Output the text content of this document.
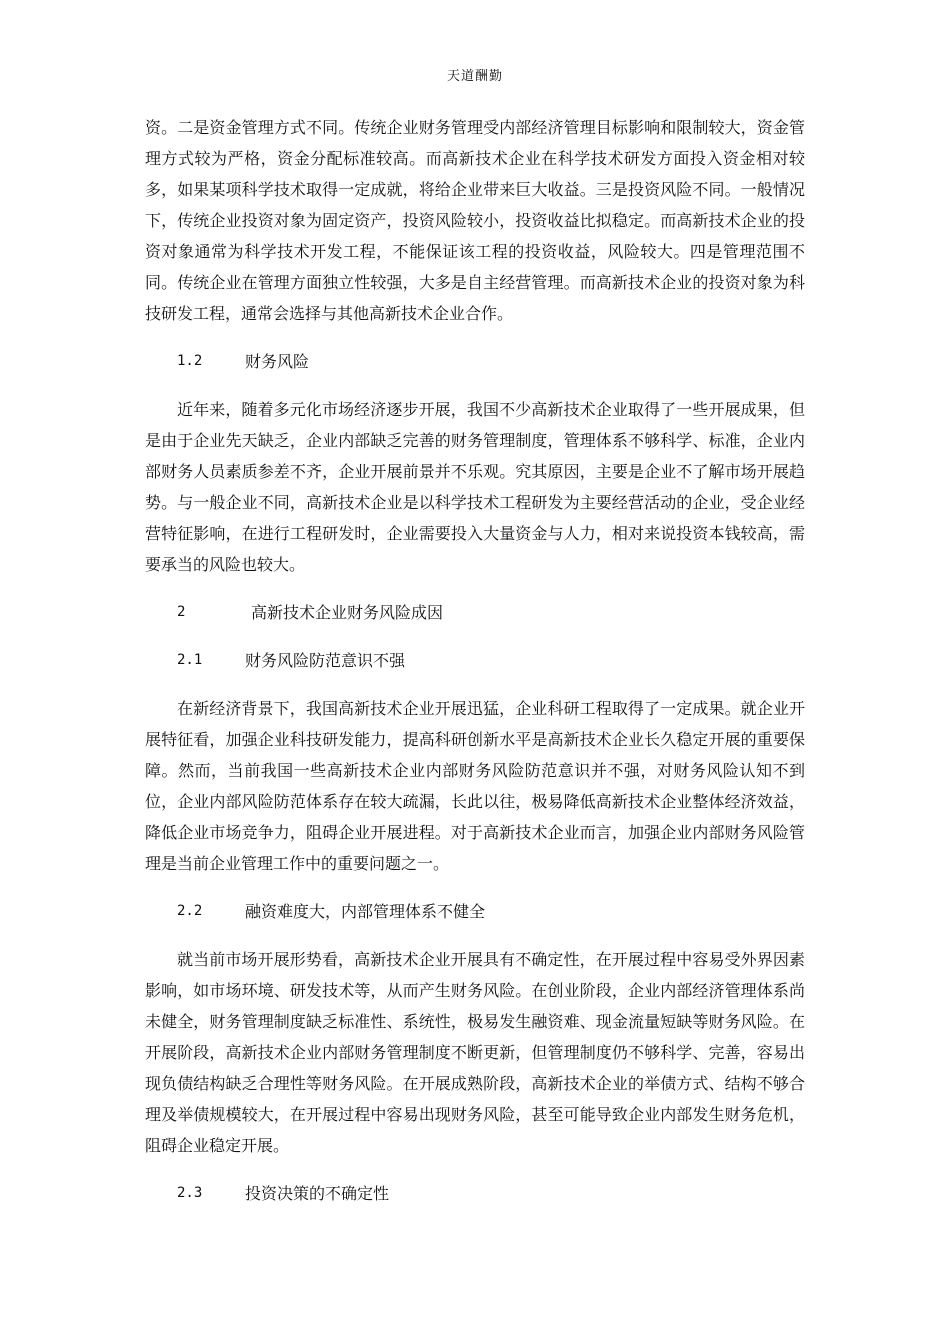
天道酬勤

资。二是资金管理方式不同。传统企业财务管理受内部经济管理目标影响和限制较大，资金管理方式较为严格，资金分配标准较高。而高新技术企业在科学技术研发方面投入资金相对较多，如果某项科学技术取得一定成就，将给企业带来巨大收益。三是投资风险不同。一般情况下，传统企业投资对象为固定资产，投资风险较小，投资收益比拟稳定。而高新技术企业的投资对象通常为科学技术开发工程，不能保证该工程的投资收益，风险较大。四是管理范围不同。传统企业在管理方面独立性较强，大多是自主经营管理。而高新技术企业的投资对象为科技研发工程，通常会选择与其他高新技术企业合作。

1.2	财务风险

近年来，随着多元化市场经济逐步开展，我国不少高新技术企业取得了一些开展成果，但是由于企业先天缺乏，企业内部缺乏完善的财务管理制度，管理体系不够科学、标准，企业内部财务人员素质参差不齐，企业开展前景并不乐观。究其原因，主要是企业不了解市场开展趋势。与一般企业不同，高新技术企业是以科学技术工程研发为主要经营活动的企业，受企业经营特征影响，在进行工程研发时，企业需要投入大量资金与人力，相对来说投资本钱较高，需要承当的风险也较大。

2	高新技术企业财务风险成因
2.1	财务风险防范意识不强

在新经济背景下，我国高新技术企业开展迅猛，企业科研工程取得了一定成果。就企业开展特征看，加强企业科技研发能力，提高科研创新水平是高新技术企业长久稳定开展的重要保障。然而，当前我国一些高新技术企业内部财务风险防范意识并不强，对财务风险认知不到位，企业内部风险防范体系存在较大疏漏，长此以往，极易降低高新技术企业整体经济效益，降低企业市场竞争力，阻碍企业开展进程。对于高新技术企业而言，加强企业内部财务风险管理是当前企业管理工作中的重要问题之一。

2.2	融资难度大，内部管理体系不健全

就当前市场开展形势看，高新技术企业开展具有不确定性，在开展过程中容易受外界因素影响，如市场环境、研发技术等，从而产生财务风险。在创业阶段，企业内部经济管理体系尚未健全，财务管理制度缺乏标准性、系统性，极易发生融资难、现金流量短缺等财务风险。在开展阶段，高新技术企业内部财务管理制度不断更新，但管理制度仍不够科学、完善，容易出现负债结构缺乏合理性等财务风险。在开展成熟阶段，高新技术企业的举债方式、结构不够合理及举债规模较大，在开展过程中容易出现财务风险，甚至可能导致企业内部发生财务危机，阻碍企业稳定开展。

2.3	投资决策的不确定性
